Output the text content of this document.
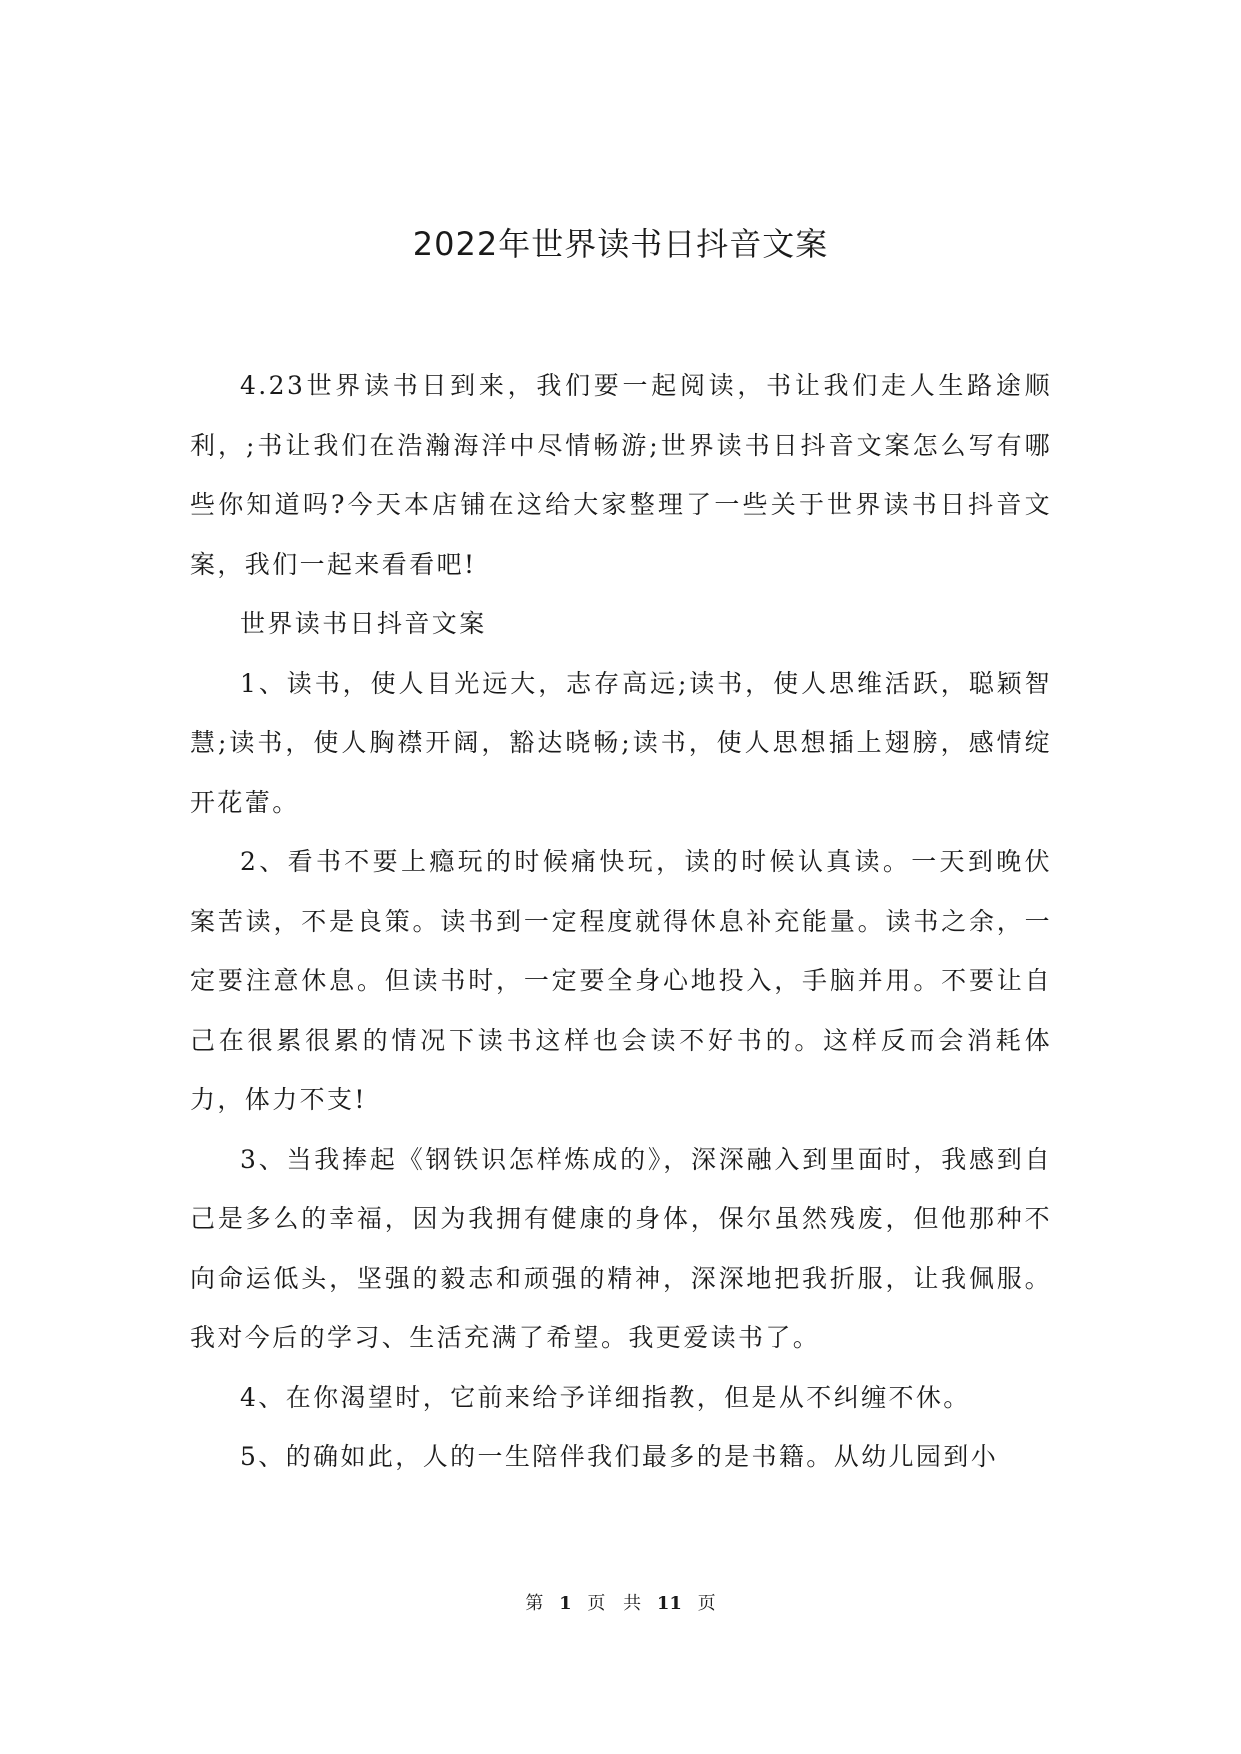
2022年世界读书日抖音文案

4.23世界读书日到来，我们要一起阅读，书让我们走人生路途顺利，;书让我们在浩瀚海洋中尽情畅游;世界读书日抖音文案怎么写有哪些你知道吗?今天本店铺在这给大家整理了一些关于世界读书日抖音文案，我们一起来看看吧!

世界读书日抖音文案

1、读书，使人目光远大，志存高远;读书，使人思维活跃，聪颖智慧;读书，使人胸襟开阔，豁达晓畅;读书，使人思想插上翅膀，感情绽开花蕾。

2、看书不要上瘾玩的时候痛快玩，读的时候认真读。一天到晚伏案苦读，不是良策。读书到一定程度就得休息补充能量。读书之余，一定要注意休息。但读书时，一定要全身心地投入，手脑并用。不要让自己在很累很累的情况下读书这样也会读不好书的。这样反而会消耗体力，体力不支!

3、当我捧起《钢铁识怎样炼成的》，深深融入到里面时，我感到自己是多么的幸福，因为我拥有健康的身体，保尔虽然残废，但他那种不向命运低头，坚强的毅志和顽强的精神，深深地把我折服，让我佩服。我对今后的学习、生活充满了希望。我更爱读书了。

4、在你渴望时，它前来给予详细指教，但是从不纠缠不休。

5、的确如此，人的一生陪伴我们最多的是书籍。从幼儿园到小

第 1 页 共 11 页
